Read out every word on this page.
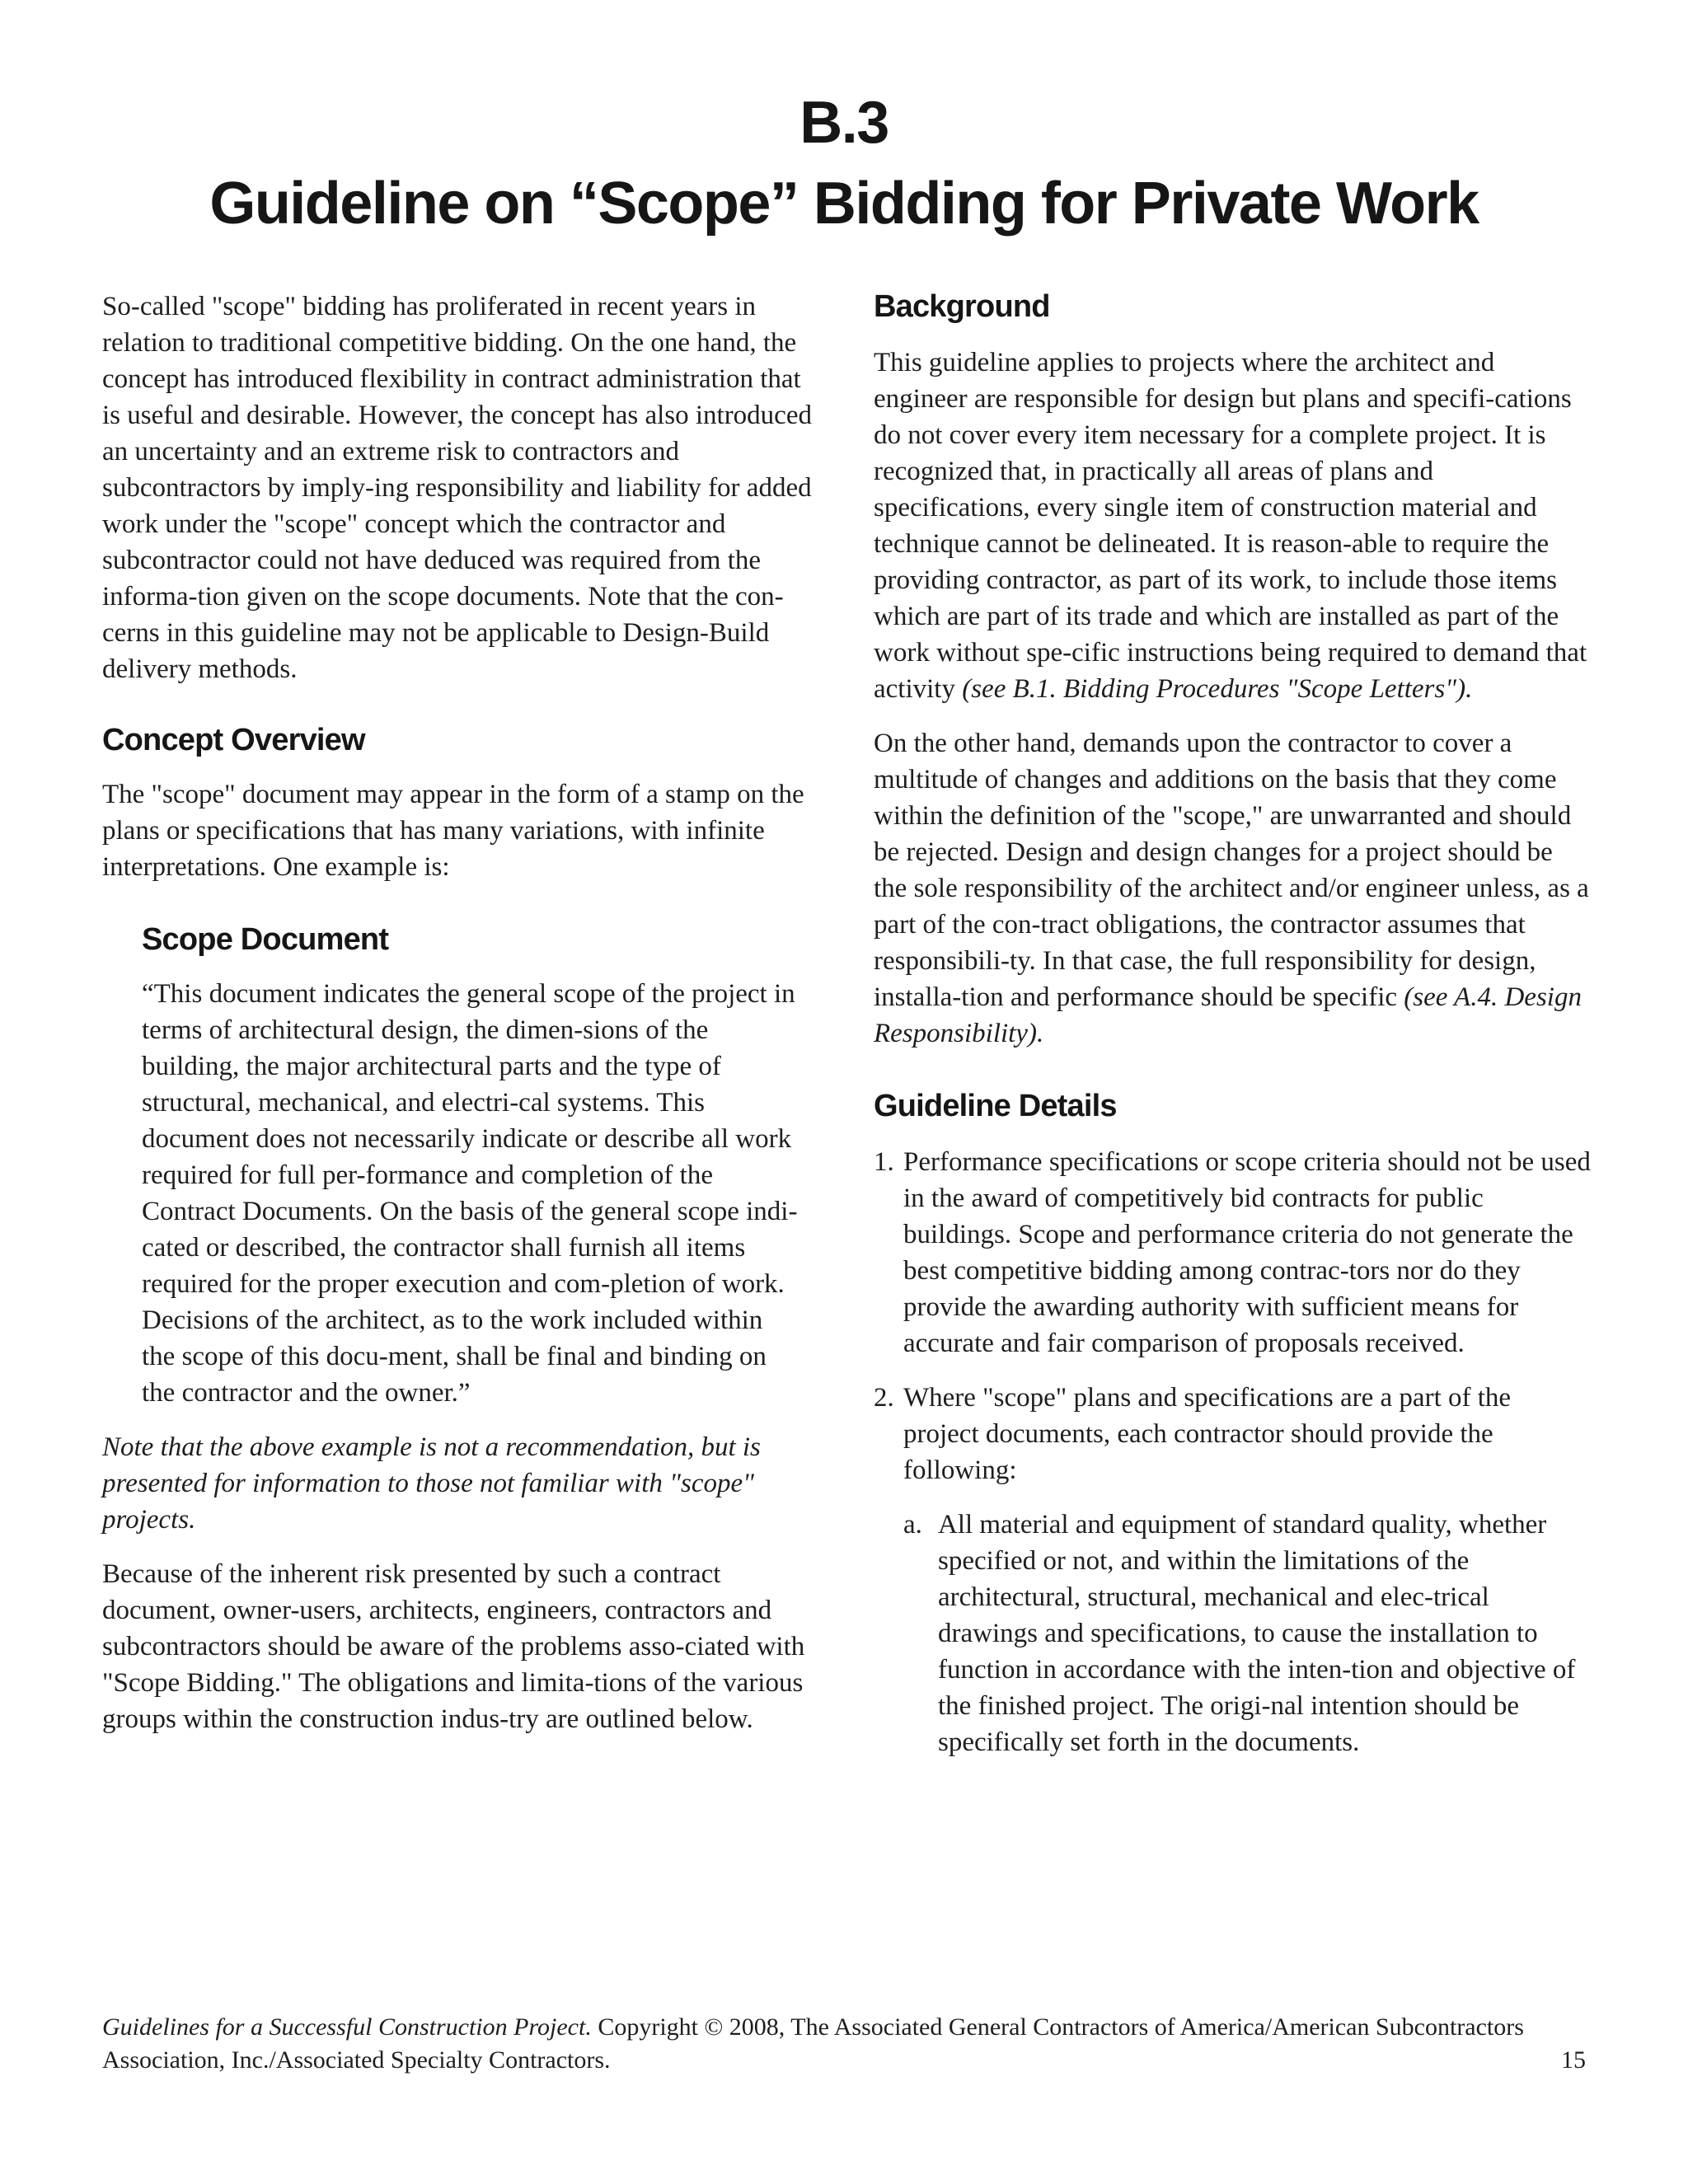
B.3
Guideline on “Scope” Bidding for Private Work

So-called "scope" bidding has proliferated in recent years in relation to traditional competitive bidding. On the one hand, the concept has introduced flexibility in contract administration that is useful and desirable. However, the concept has also introduced an uncertainty and an extreme risk to contractors and subcontractors by imply-ing responsibility and liability for added work under the "scope" concept which the contractor and subcontractor could not have deduced was required from the informa-tion given on the scope documents. Note that the con-cerns in this guideline may not be applicable to Design-Build delivery methods.

Concept Overview

The "scope" document may appear in the form of a stamp on the plans or specifications that has many variations, with infinite interpretations. One example is:

Scope Document

“This document indicates the general scope of the project in terms of architectural design, the dimen-sions of the building, the major architectural parts and the type of structural, mechanical, and electri-cal systems. This document does not necessarily indicate or describe all work required for full per-formance and completion of the Contract Documents. On the basis of the general scope indi-cated or described, the contractor shall furnish all items required for the proper execution and com-pletion of work. Decisions of the architect, as to the work included within the scope of this docu-ment, shall be final and binding on the contractor and the owner.”

Note that the above example is not a recommendation, but is presented for information to those not familiar with "scope" projects.

Because of the inherent risk presented by such a contract document, owner-users, architects, engineers, contractors and subcontractors should be aware of the problems asso-ciated with "Scope Bidding." The obligations and limita-tions of the various groups within the construction indus-try are outlined below.

Background

This guideline applies to projects where the architect and engineer are responsible for design but plans and specifi-cations do not cover every item necessary for a complete project. It is recognized that, in practically all areas of plans and specifications, every single item of construction material and technique cannot be delineated. It is reason-able to require the providing contractor, as part of its work, to include those items which are part of its trade and which are installed as part of the work without spe-cific instructions being required to demand that activity (see B.1. Bidding Procedures "Scope Letters").

On the other hand, demands upon the contractor to cover a multitude of changes and additions on the basis that they come within the definition of the "scope," are unwarranted and should be rejected. Design and design changes for a project should be the sole responsibility of the architect and/or engineer unless, as a part of the con-tract obligations, the contractor assumes that responsibili-ty. In that case, the full responsibility for design, installa-tion and performance should be specific (see A.4. Design Responsibility).

Guideline Details
1. Performance specifications or scope criteria should not be used in the award of competitively bid contracts for public buildings. Scope and performance criteria do not generate the best competitive bidding among contrac-tors nor do they provide the awarding authority with sufficient means for accurate and fair comparison of proposals received.
2. Where "scope" plans and specifications are a part of the project documents, each contractor should provide the following:
a. All material and equipment of standard quality, whether specified or not, and within the limitations of the architectural, structural, mechanical and elec-trical drawings and specifications, to cause the installation to function in accordance with the inten-tion and objective of the finished project. The origi-nal intention should be specifically set forth in the documents.
Guidelines for a Successful Construction Project. Copyright © 2008, The Associated General Contractors of America/American Subcontractors Association, Inc./Associated Specialty Contractors.	15
